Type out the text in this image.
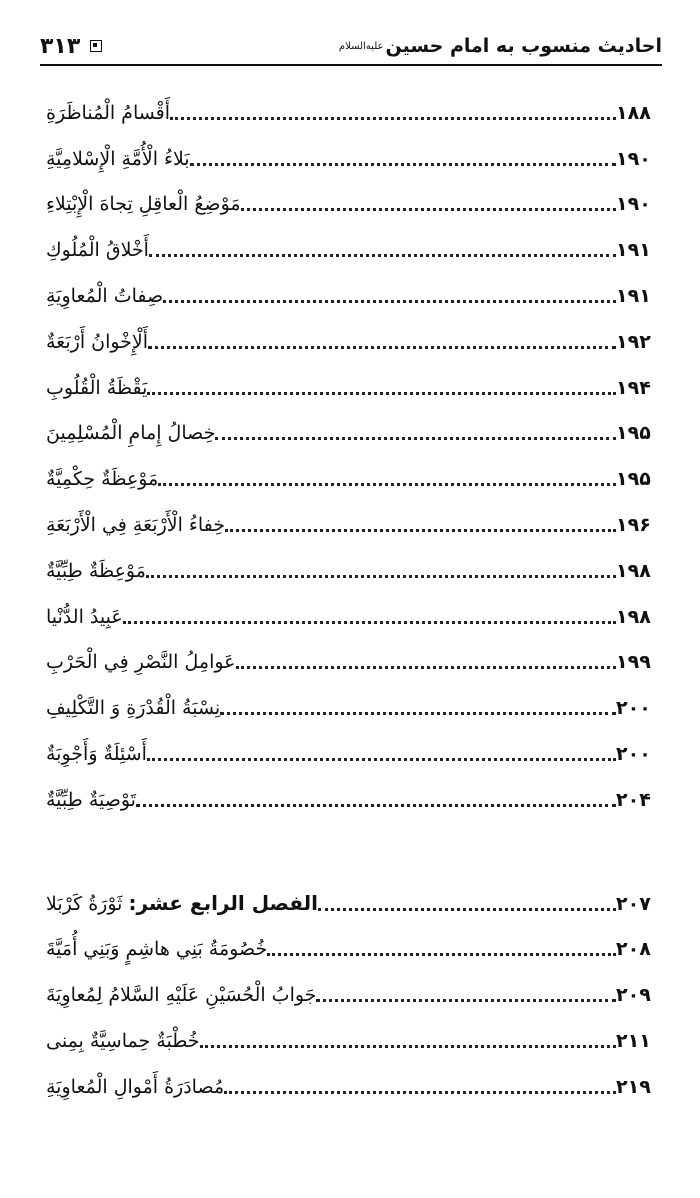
احادیث منسوب به امام حسین
علیه‌السلام
۳۱۳
أَقْسامُ الْمُناظَرَةِ	۱۸۸
بَلاءُ الْأُمَّةِ الْإِسْلامِيَّةِ	۱۹۰
مَوْضِعُ الْعاقِلِ تِجاهَ الْإِبْتِلاءِ	۱۹۰
أَخْلاقُ الْمُلُوكِ	۱۹۱
صِفاتُ الْمُعاوِيَةِ	۱۹۱
أَلْإِخْوانُ أَرْبَعَةٌ	۱۹۲
يَقْظَةُ الْقُلُوبِ	۱۹۴
خِصالُ إِمامِ الْمُسْلِمِينَ	۱۹۵
مَوْعِظَةٌ حِكْمِيَّةٌ	۱۹۵
خِفاءُ الْأَرْبَعَةِ فِي الْأَرْبَعَةِ	۱۹۶
مَوْعِظَةٌ طِبِّيَّةٌ	۱۹۸
عَبِيدُ الدُّنْيا	۱۹۸
عَوامِلُ النَّصْرِ فِي الْحَرْبِ	۱۹۹
نِسْبَةُ الْقُدْرَةِ وَ التَّكْلِيفِ	۲۰۰
أَسْئِلَةٌ وَأَجْوِبَةٌ	۲۰۰
تَوْصِيَةٌ طِبِّيَّةٌ	۲۰۴
الفصل الرابع عشر: ثَوْرَةُ كَرْبَلا	۲۰۷
خُصُومَةُ بَنِي هاشِمٍ وَبَنِي أُمَيَّةَ	۲۰۸
جَوابُ الْحُسَيْنِ عَلَيْهِ السَّلامُ لِمُعاوِيَةَ	۲۰۹
خُطْبَةٌ حِماسِيَّةٌ بِمِنى	۲۱۱
مُصادَرَةُ أَمْوالِ الْمُعاوِيَةِ	۲۱۹
